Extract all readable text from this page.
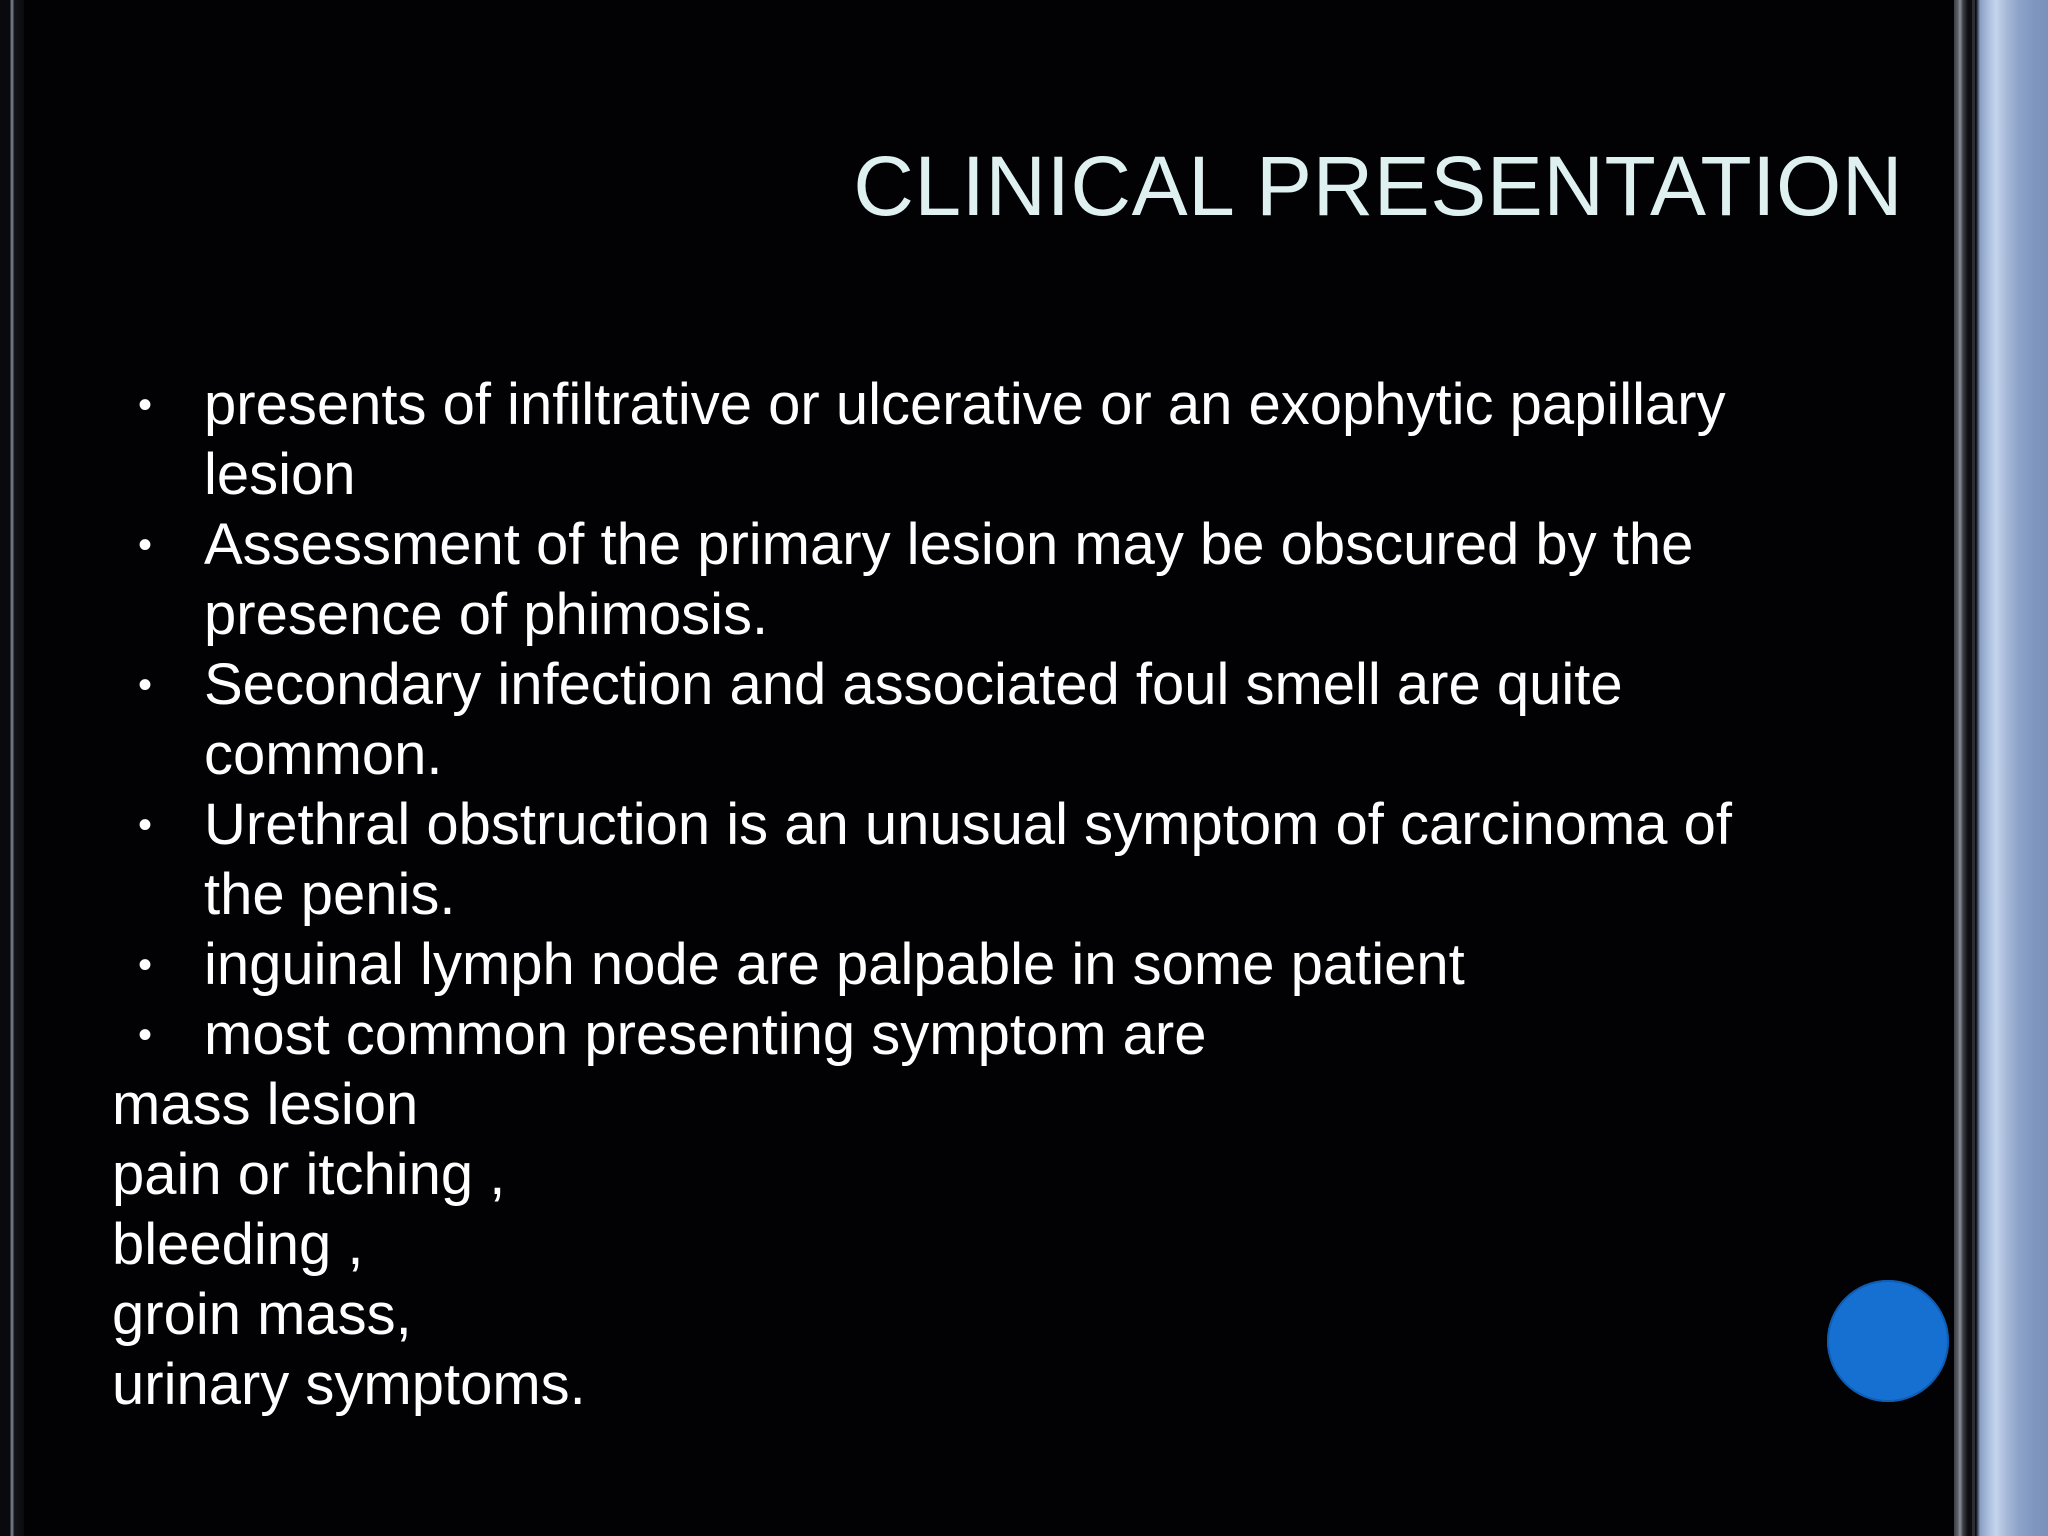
CLINICAL PRESENTATION
• presents of infiltrative or ulcerative or an exophytic papillary lesion
• Assessment of the primary lesion may be obscured by the presence of phimosis.
• Secondary infection and associated foul smell are quite common.
• Urethral obstruction is an unusual symptom of carcinoma of the penis.
• inguinal lymph node are palpable in some patient
• most common presenting symptom are
mass lesion
pain or itching ,
bleeding ,
groin mass,
urinary symptoms.
